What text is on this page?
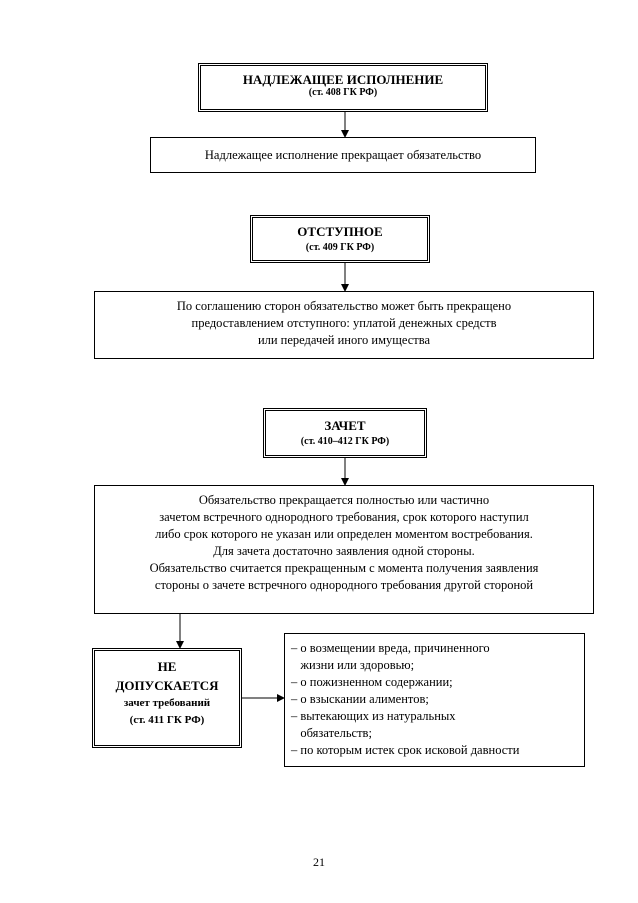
НАДЛЕЖАЩЕЕ ИСПОЛНЕНИЕ
(ст. 408 ГК РФ)
Надлежащее исполнение прекращает обязательство
ОТСТУПНОЕ
(ст. 409 ГК РФ)
По соглашению сторон обязательство может быть прекращено
предоставлением отступного: уплатой денежных средств
или передачей иного имущества
ЗАЧЕТ
(ст. 410–412 ГК РФ)
Обязательство прекращается полностью или частично
зачетом встречного однородного требования, срок которого наступил
либо срок которого не указан или определен моментом востребования.
Для зачета достаточно заявления одной стороны.
Обязательство считается прекращенным с момента получения заявления
стороны о зачете встречного однородного требования другой стороной
НЕ
ДОПУСКАЕТСЯ
зачет требований
(ст. 411 ГК РФ)
– о возмещении вреда, причиненного
жизни или здоровью;
– о пожизненном содержании;
– о взыскании алиментов;
– вытекающих из натуральных
обязательств;
– по которым истек срок исковой давности
21
